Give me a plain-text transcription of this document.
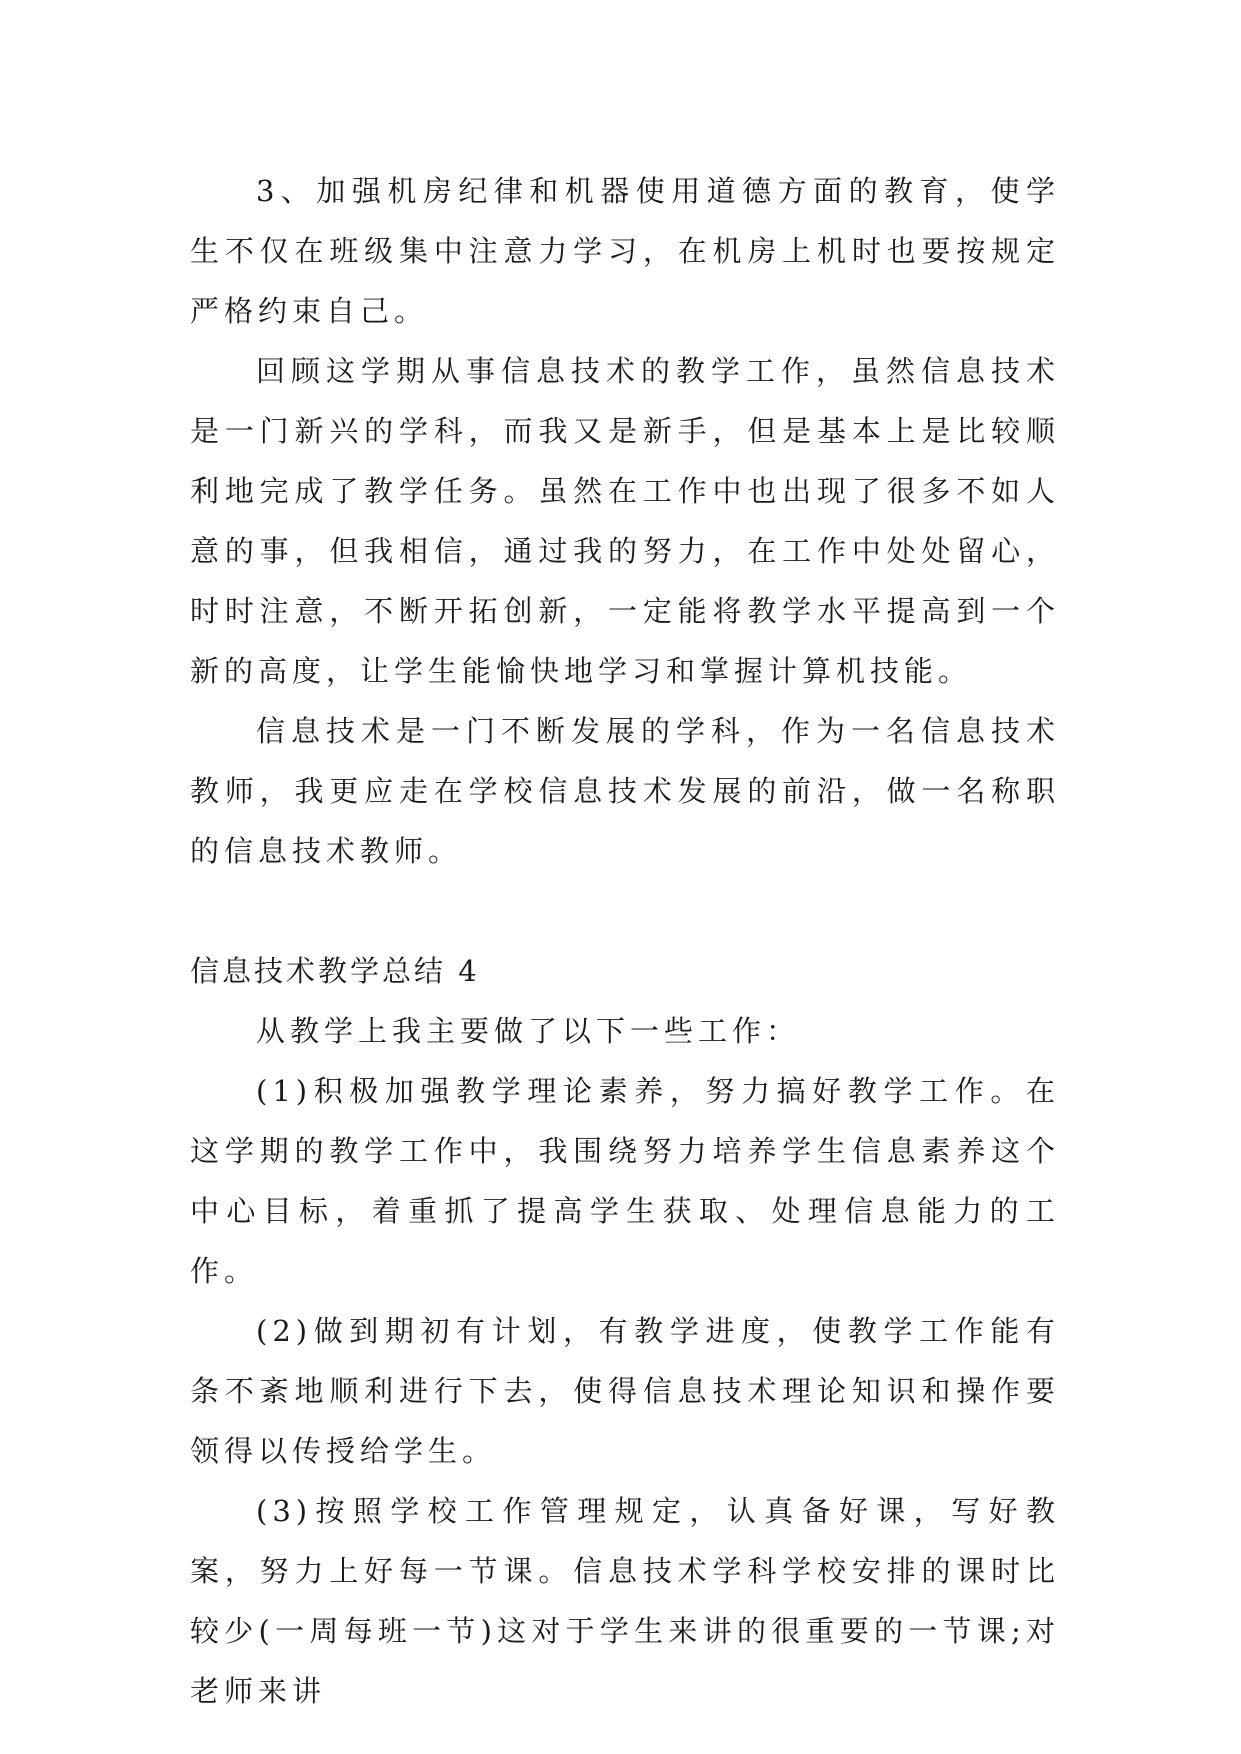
3、加强机房纪律和机器使用道德方面的教育，使学生不仅在班级集中注意力学习，在机房上机时也要按规定严格约束自己。

回顾这学期从事信息技术的教学工作，虽然信息技术是一门新兴的学科，而我又是新手，但是基本上是比较顺利地完成了教学任务。虽然在工作中也出现了很多不如人意的事，但我相信，通过我的努力，在工作中处处留心，时时注意，不断开拓创新，一定能将教学水平提高到一个新的高度，让学生能愉快地学习和掌握计算机技能。

信息技术是一门不断发展的学科，作为一名信息技术教师，我更应走在学校信息技术发展的前沿，做一名称职的信息技术教师。

信息技术教学总结 4

从教学上我主要做了以下一些工作：

(1)积极加强教学理论素养，努力搞好教学工作。在这学期的教学工作中，我围绕努力培养学生信息素养这个中心目标，着重抓了提高学生获取、处理信息能力的工作。

(2)做到期初有计划，有教学进度，使教学工作能有条不紊地顺利进行下去，使得信息技术理论知识和操作要领得以传授给学生。

(3)按照学校工作管理规定，认真备好课，写好教案，努力上好每一节课。信息技术学科学校安排的课时比较少(一周每班一节)这对于学生来讲的很重要的一节课;对老师来讲
